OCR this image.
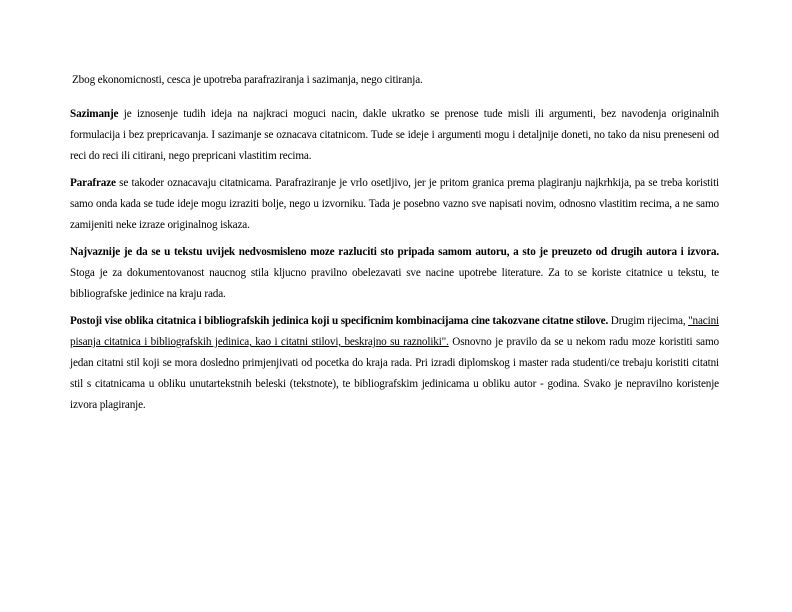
Zbog ekonomicnosti, cesca je upotreba parafraziranja i sazimanja, nego citiranja.

Sazimanje je iznosenje tudih ideja na najkraci moguci nacin, dakle ukratko se prenose tude misli ili argumenti, bez navodenja originalnih formulacija i bez prepricavanja. I sazimanje se oznacava citatnicom. Tude se ideje i argumenti mogu i detaljnije doneti, no tako da nisu preneseni od reci do reci ili citirani, nego prepricani vlastitim recima.

Parafraze se takoder oznacavaju citatnicama. Parafraziranje je vrlo osetljivo, jer je pritom granica prema plagiranju najkrhkija, pa se treba koristiti samo onda kada se tude ideje mogu izraziti bolje, nego u izvorniku. Tada je posebno vazno sve napisati novim, odnosno vlastitim recima, a ne samo zamijeniti neke izraze originalnog iskaza.

Najvaznije je da se u tekstu uvijek nedvosmisleno moze razluciti sto pripada samom autoru, a sto je preuzeto od drugih autora i izvora. Stoga je za dokumentovanost naucnog stila kljucno pravilno obelezavati sve nacine upotrebe literature. Za to se koriste citatnice u tekstu, te bibliografske jedinice na kraju rada.

Postoji vise oblika citatnica i bibliografskih jedinica koji u specificnim kombinacijama cine takozvane citatne stilove. Drugim rijecima, "nacini pisanja citatnica i bibliografskih jedinica, kao i citatni stilovi, beskrajno su raznoliki". Osnovno je pravilo da se u nekom radu moze koristiti samo jedan citatni stil koji se mora dosledno primjenjivati od pocetka do kraja rada. Pri izradi diplomskog i master rada studenti/ce trebaju koristiti citatni stil s citatnicama u obliku unutartekstnih beleski (tekstnote), te bibliografskim jedinicama u obliku autor - godina. Svako je nepravilno koristenje izvora plagiranje.
